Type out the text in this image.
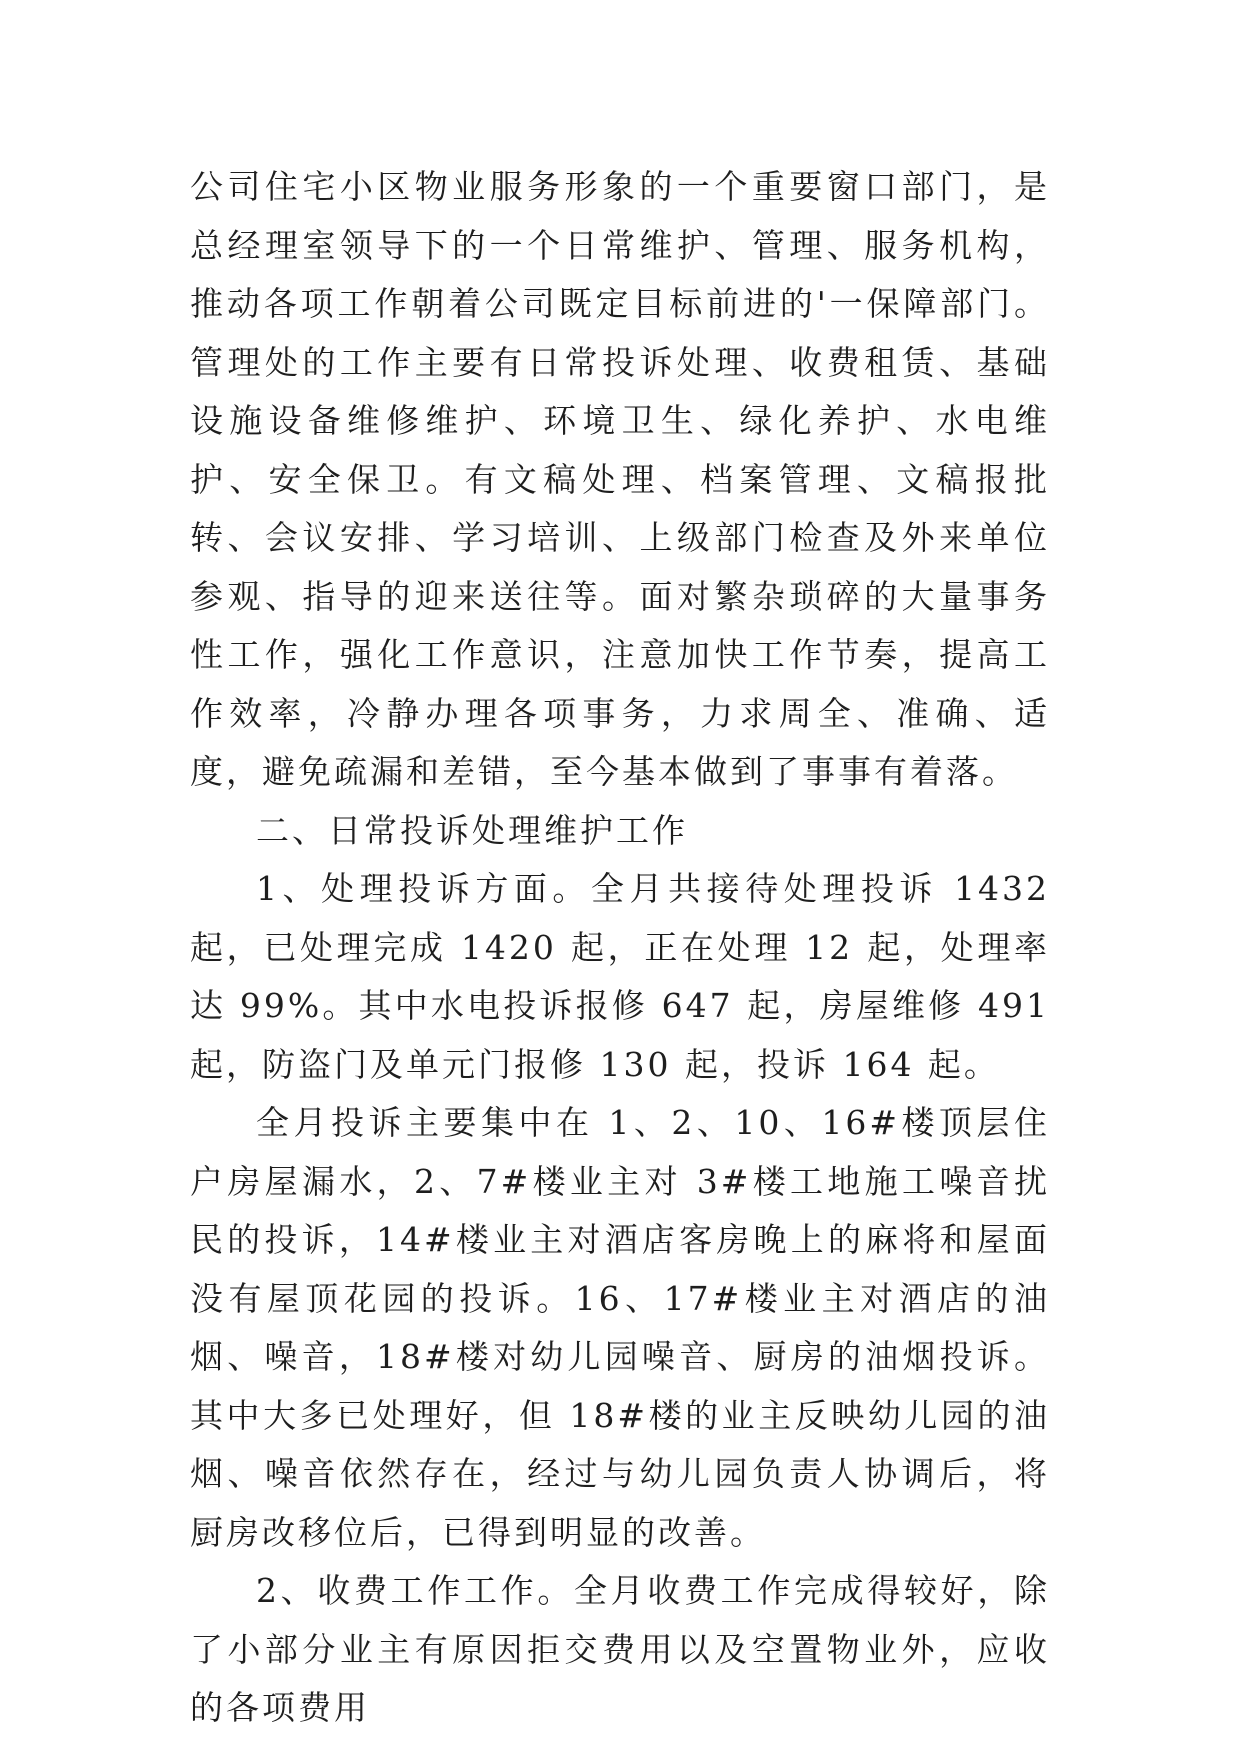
公司住宅小区物业服务形象的一个重要窗口部门，是总经理室领导下的一个日常维护、管理、服务机构，推动各项工作朝着公司既定目标前进的'一保障部门。管理处的工作主要有日常投诉处理、收费租赁、基础设施设备维修维护、环境卫生、绿化养护、水电维护、安全保卫。有文稿处理、档案管理、文稿报批转、会议安排、学习培训、上级部门检查及外来单位参观、指导的迎来送往等。面对繁杂琐碎的大量事务性工作，强化工作意识，注意加快工作节奏，提高工作效率，冷静办理各项事务，力求周全、准确、适度，避免疏漏和差错，至今基本做到了事事有着落。

二、日常投诉处理维护工作

1、处理投诉方面。全月共接待处理投诉 1432 起，已处理完成 1420 起，正在处理 12 起，处理率达 99%。其中水电投诉报修 647 起，房屋维修 491 起，防盗门及单元门报修 130 起，投诉 164 起。

全月投诉主要集中在 1、2、10、16#楼顶层住户房屋漏水，2、7#楼业主对 3#楼工地施工噪音扰民的投诉，14#楼业主对酒店客房晚上的麻将和屋面没有屋顶花园的投诉。16、17#楼业主对酒店的油烟、噪音，18#楼对幼儿园噪音、厨房的油烟投诉。其中大多已处理好，但 18#楼的业主反映幼儿园的油烟、噪音依然存在，经过与幼儿园负责人协调后，将厨房改移位后，已得到明显的改善。

2、收费工作工作。全月收费工作完成得较好，除了小部分业主有原因拒交费用以及空置物业外，应收的各项费用
